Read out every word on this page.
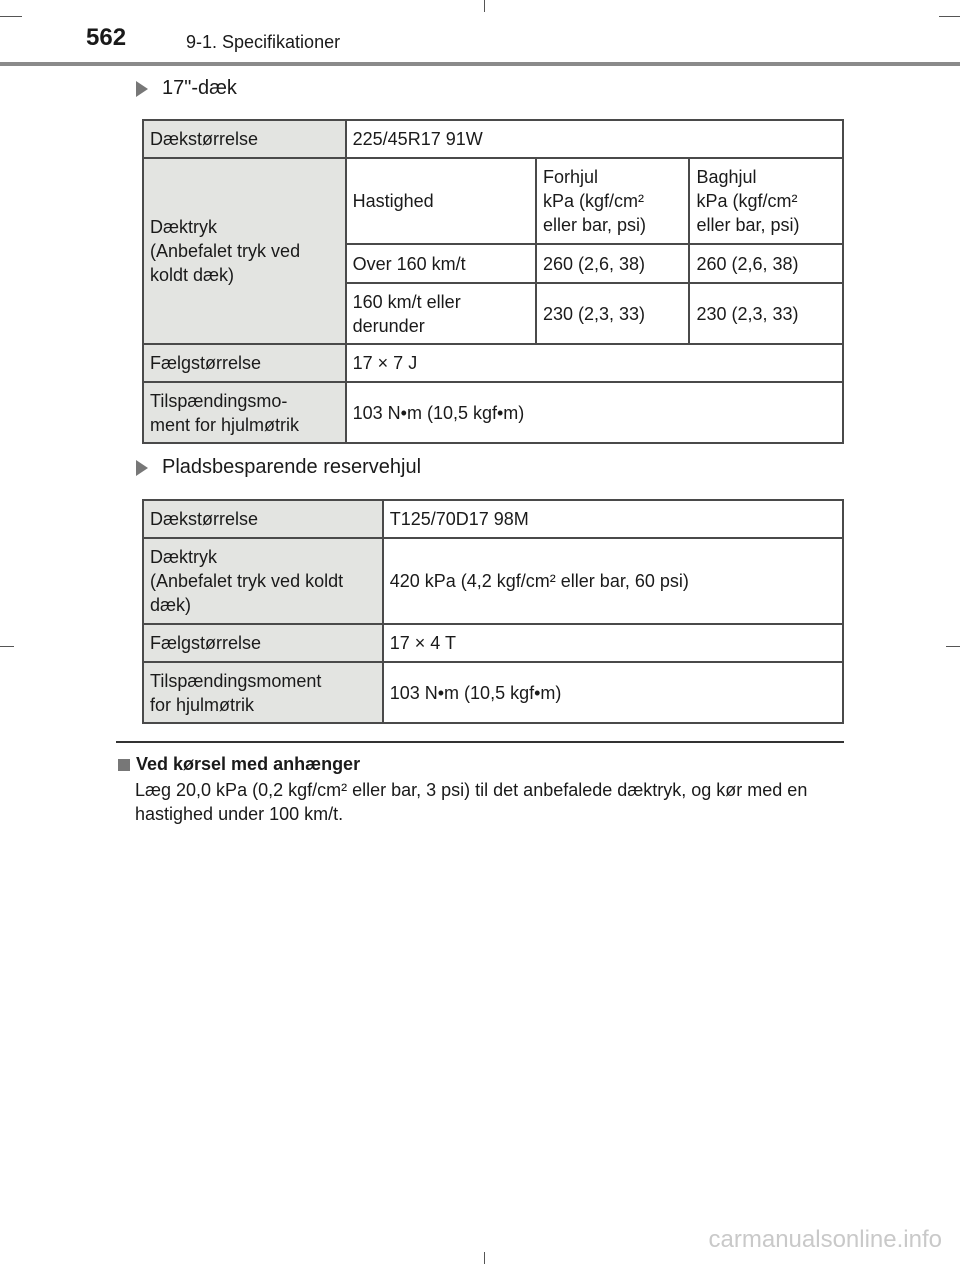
562	9-1. Specifikationer
17"-dæk
Dækstørrelse	225/45R17 91W		
Dæktryk
(Anbefalet tryk ved
koldt dæk)	Hastighed	Forhjul
kPa (kgf/cm²
eller bar, psi)	Baghjul
kPa (kgf/cm²
eller bar, psi)
	Over 160 km/t	260 (2,6, 38)	260 (2,6, 38)
	160 km/t eller
derunder	230 (2,3, 33)	230 (2,3, 33)
Fælgstørrelse	17 × 7 J		
Tilspændingsmo-
ment for hjulmøtrik	103 N•m (10,5 kgf•m)		
Pladsbesparende reservehjul
Dækstørrelse	T125/70D17 98M
Dæktryk
(Anbefalet tryk ved koldt
dæk)	420 kPa (4,2 kgf/cm² eller bar, 60 psi)
Fælgstørrelse	17 × 4 T
Tilspændingsmoment
for hjulmøtrik	103 N•m (10,5 kgf•m)
Ved kørsel med anhænger
Læg 20,0 kPa (0,2 kgf/cm² eller bar, 3 psi) til det anbefalede dæktryk, og kør med en hastighed under 100 km/t.
carmanualsonline.info
